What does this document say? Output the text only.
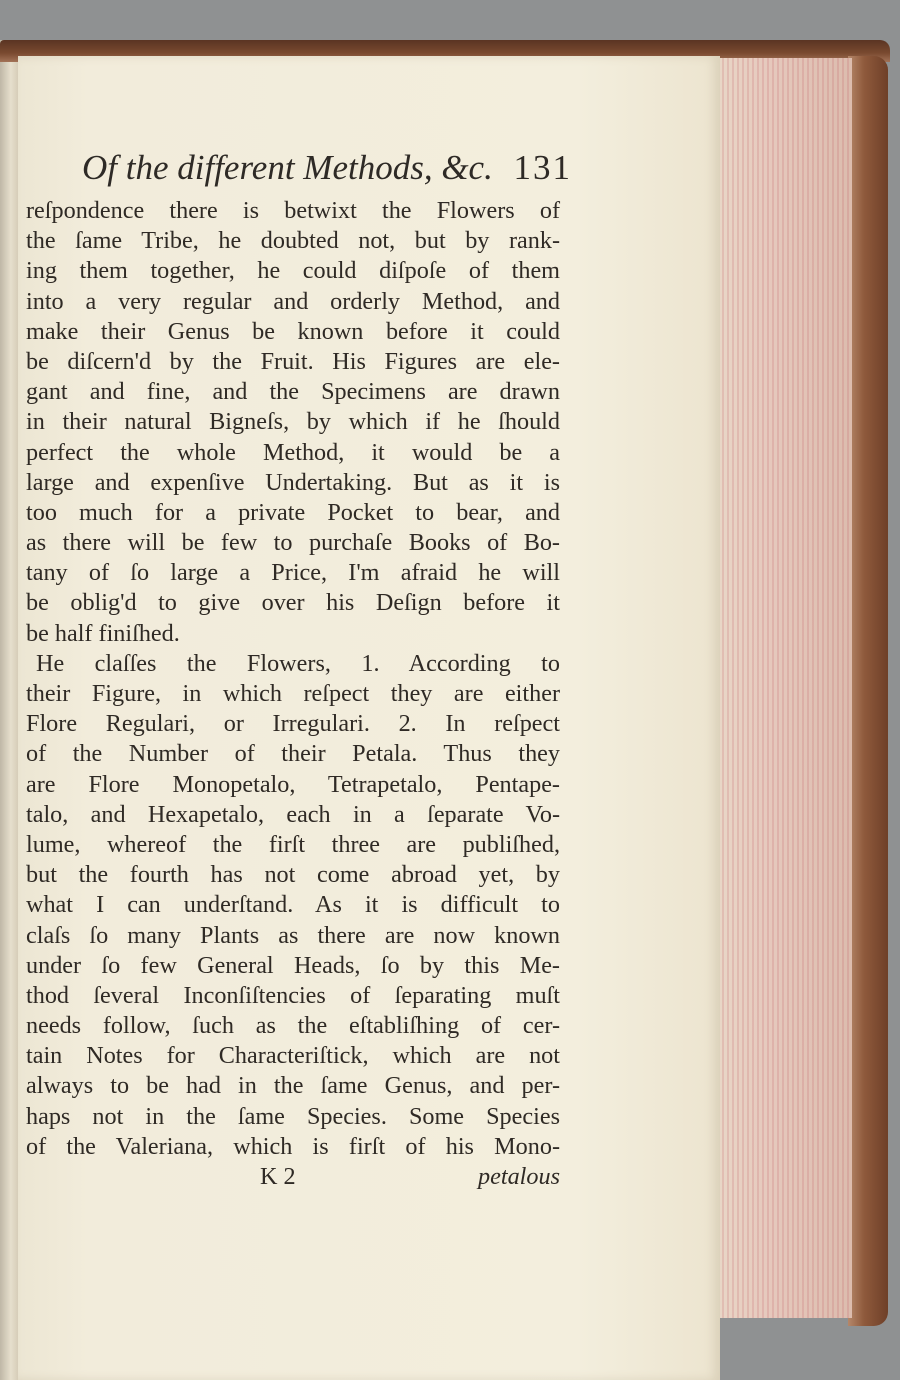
Of the different Methods, &c. 131
reſpondence there is betwixt the Flowers of
the ſame Tribe, he doubted not, but by rank-
ing them together, he could diſpoſe of them
into a very regular and orderly Method, and
make their Genus be known before it could
be diſcern'd by the Fruit. His Figures are ele-
gant and fine, and the Specimens are drawn
in their natural Bigneſs, by which if he ſhould
perfect the whole Method, it would be a
large and expenſive Undertaking. But as it is
too much for a private Pocket to bear, and
as there will be few to purchaſe Books of Bo-
tany of ſo large a Price, I'm afraid he will
be oblig'd to give over his Deſign before it
be half finiſhed.
He claſſes the Flowers, 1. According to
their Figure, in which reſpect they are either
Flore Regulari, or Irregulari. 2. In reſpect
of the Number of their Petala. Thus they
are Flore Monopetalo, Tetrapetalo, Pentape-
talo, and Hexapetalo, each in a ſeparate Vo-
lume, whereof the firſt three are publiſhed,
but the fourth has not come abroad yet, by
what I can underſtand. As it is difficult to
claſs ſo many Plants as there are now known
under ſo few General Heads, ſo by this Me-
thod ſeveral Inconſiſtencies of ſeparating muſt
needs follow, ſuch as the eſtabliſhing of cer-
tain Notes for Characteriſtick, which are not
always to be had in the ſame Genus, and per-
haps not in the ſame Species. Some Species
of the Valeriana, which is firſt of his Mono-
K 2	petalous
